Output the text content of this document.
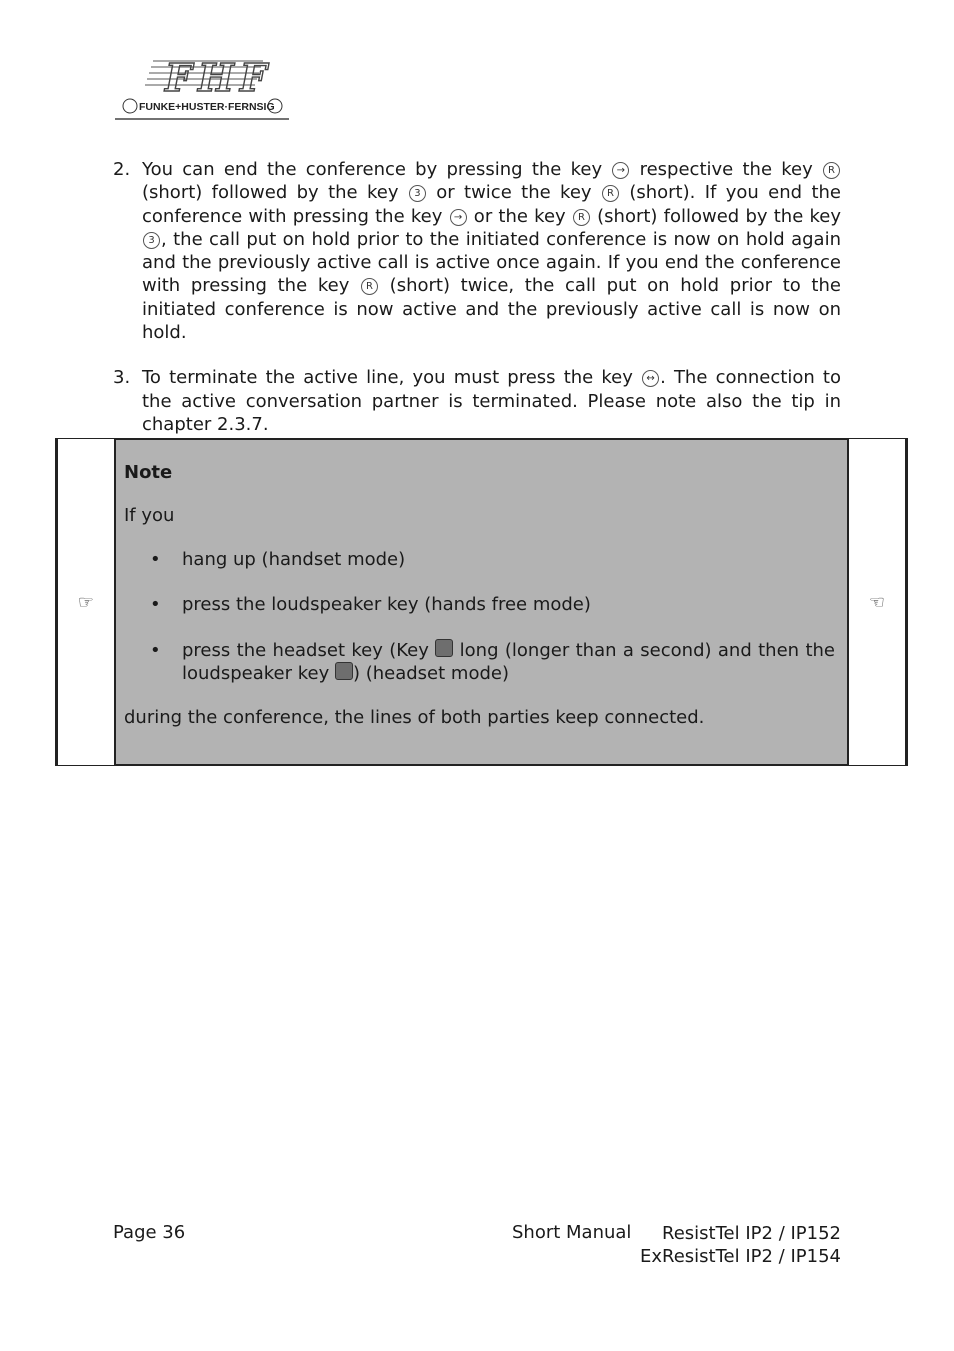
FHF
FUNKE+HUSTER·FERNSIG
2. You can end the conference by pressing the key → respective the key R (short) followed by the key 3 or twice the key R (short). If you end the conference with pressing the key → or the key R (short) followed by the key 3 , the call put on hold prior to the initiated conference is now on hold again and the previously active call is active once again. If you end the conference with pressing the key R (short) twice, the call put on hold prior to the initiated conference is now active and the previously active call is now on hold.
3. To terminate the active line, you must press the key ↔ . The connection to the active conversation partner is terminated. Please note also the tip in chapter 2.3.7.
☞	
Note
If you
•	hang up (handset mode)
•	press the loudspeaker key (hands free mode)
•	press the headset key (Key  long (longer than a second) and then the loudspeaker key ) (headset mode)
during the conference, the lines of both parties keep connected.
	☜
Page 36	Short Manual	ResistTel IP2 / IP152
ExResistTel IP2 / IP154
